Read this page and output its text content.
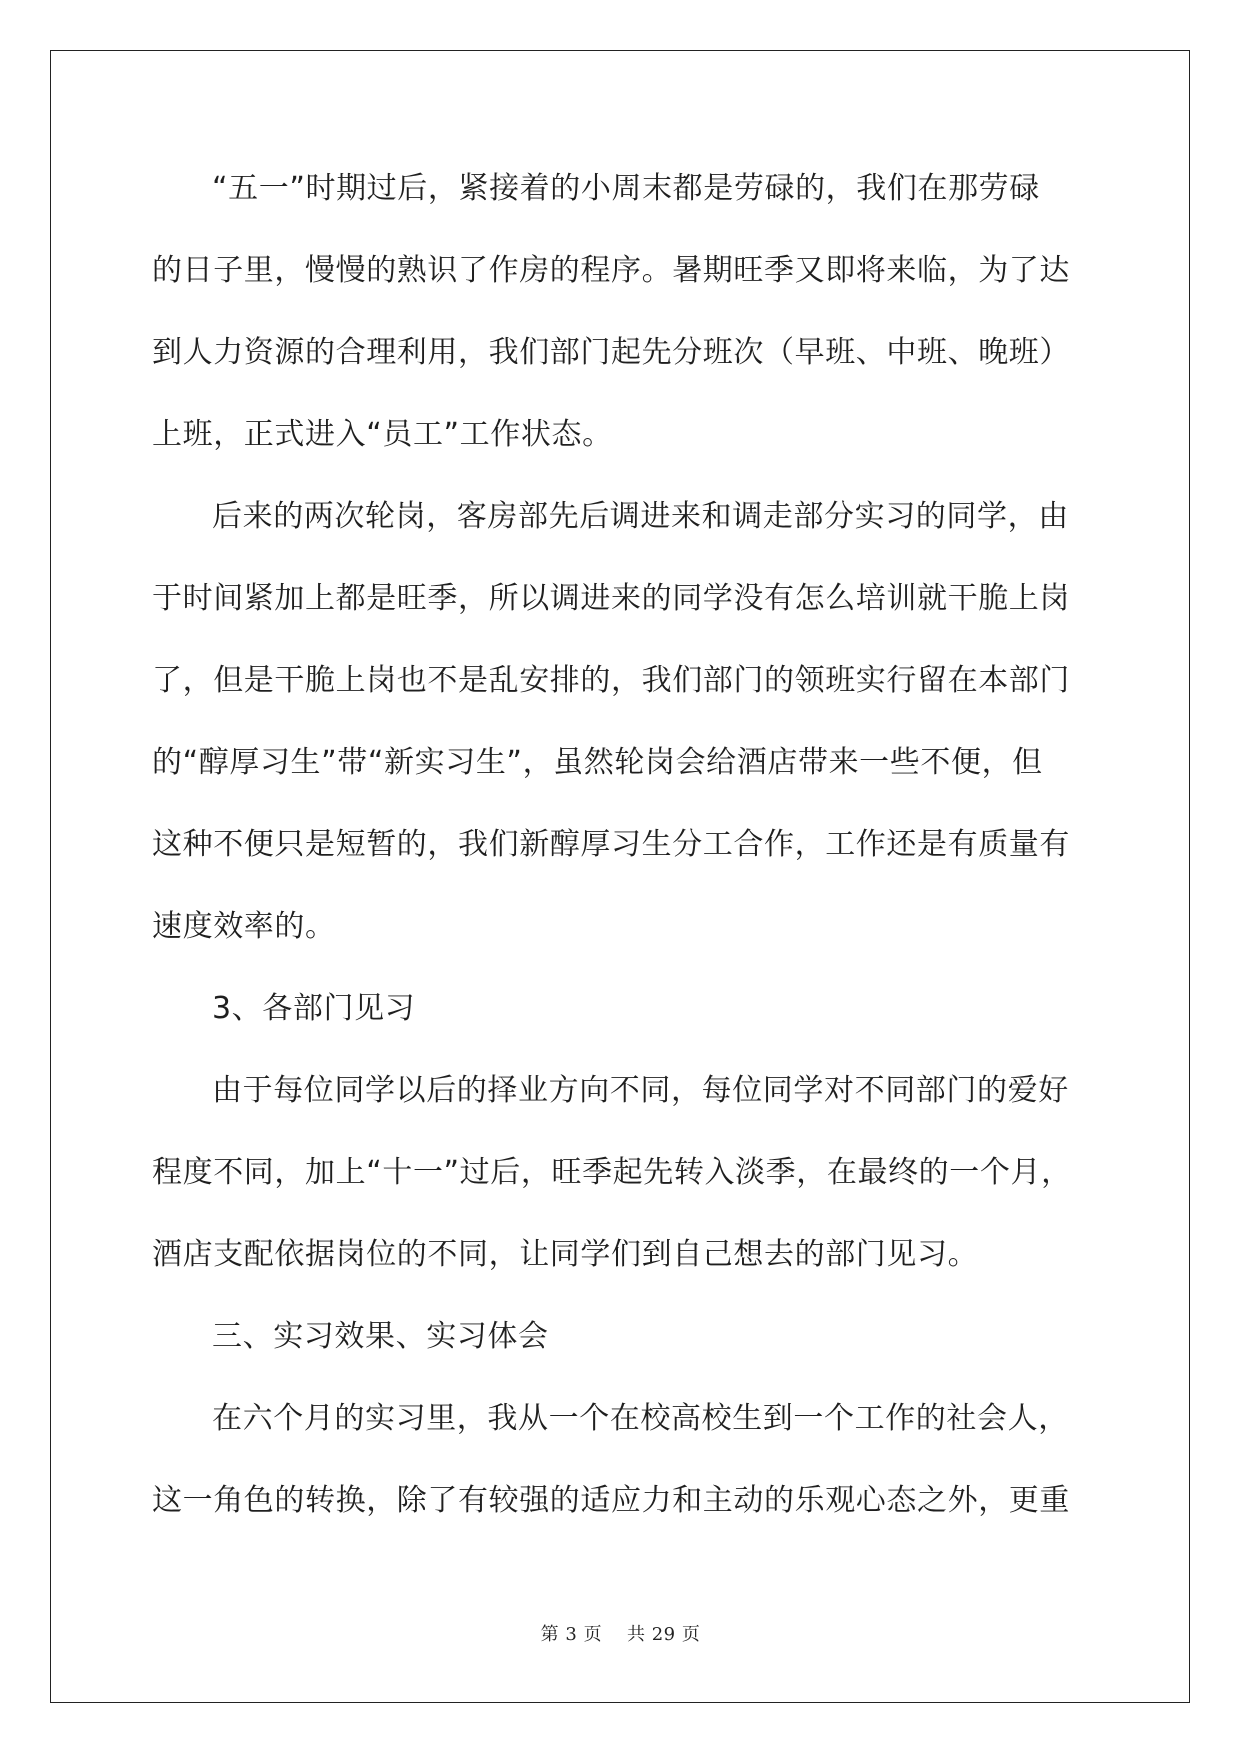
“五一”时期过后，紧接着的小周末都是劳碌的，我们在那劳碌
的日子里，慢慢的熟识了作房的程序。暑期旺季又即将来临，为了达
到人力资源的合理利用，我们部门起先分班次（早班、中班、晚班）
上班，正式进入“员工”工作状态。
后来的两次轮岗，客房部先后调进来和调走部分实习的同学，由
于时间紧加上都是旺季，所以调进来的同学没有怎么培训就干脆上岗
了，但是干脆上岗也不是乱安排的，我们部门的领班实行留在本部门
的“醇厚习生”带“新实习生”，虽然轮岗会给酒店带来一些不便，但
这种不便只是短暂的，我们新醇厚习生分工合作，工作还是有质量有
速度效率的。
3、各部门见习
由于每位同学以后的择业方向不同，每位同学对不同部门的爱好
程度不同，加上“十一”过后，旺季起先转入淡季，在最终的一个月，
酒店支配依据岗位的不同，让同学们到自己想去的部门见习。
三、实习效果、实习体会
在六个月的实习里，我从一个在校高校生到一个工作的社会人，
这一角色的转换，除了有较强的适应力和主动的乐观心态之外，更重
第 3 页 共 29 页
